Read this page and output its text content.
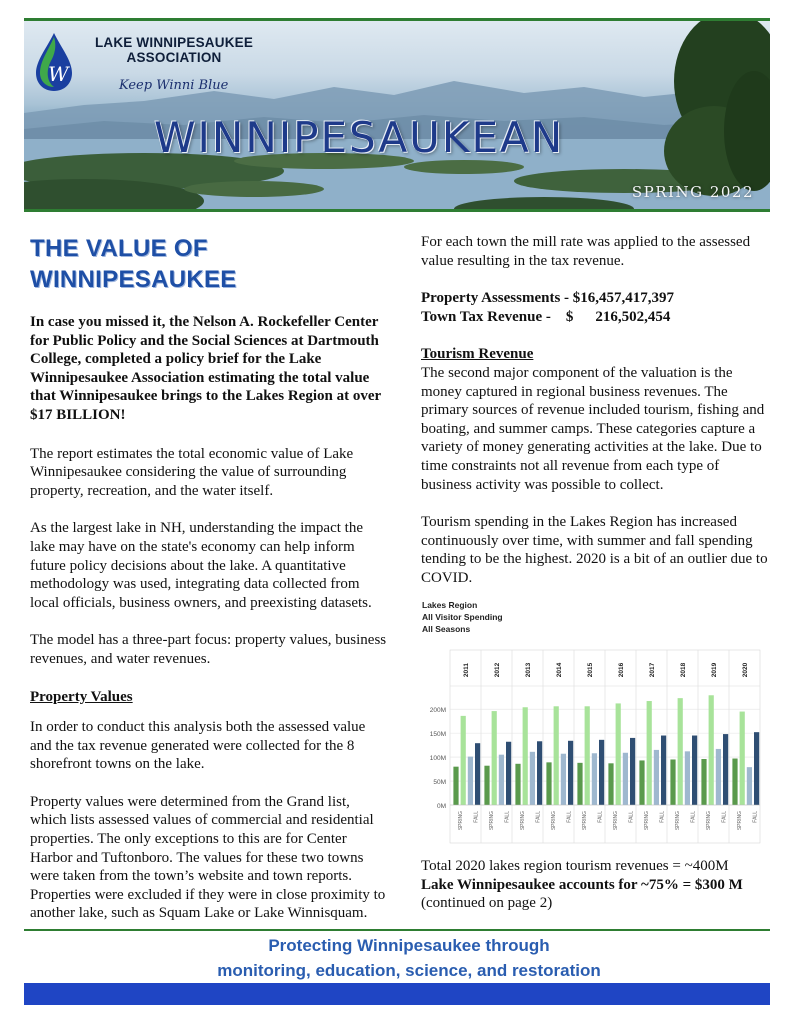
W
LAKE WINNIPESAUKEE
ASSOCIATION
Keep Winni Blue
WINNIPESAUKEAN
SPRING 2022
THE VALUE OF
WINNIPESAUKEE

In case you missed it, the Nelson A. Rockefeller Center for Public Policy and the Social Sciences at Dartmouth College, completed a policy brief for the Lake Winnipesaukee Association estimating the total value that Winnipesaukee brings to the Lakes Region at over $17 BILLION!

The report estimates the total economic value of Lake Winnipesaukee considering the value of surrounding property, recreation, and the water itself.

As the largest lake in NH, understanding the impact the lake may have on the state's economy can help inform future policy decisions about the lake. A quantitative methodology was used, integrating data collected from local officials, business owners, and preexisting datasets.

The model has a three-part focus: property values, business revenues, and water revenues.

Property Values

In order to conduct this analysis both the assessed value and the tax revenue generated were collected for the 8 shorefront towns on the lake.

Property values were determined from the Grand list, which lists assessed values of commercial and residential properties. The only exceptions to this are for Center Harbor and Tuftonboro. The values for these two towns were taken from the town’s website and town reports. Properties were excluded if they were in close proximity to another lake, such as Squam Lake or Lake Winnisquam.

For each town the mill rate was applied to the assessed value resulting in the tax revenue.

Property Assessments - $16,457,417,397
Town Tax Revenue -    $ 216,502,454
Tourism Revenue

The second major component of the valuation is the money captured in regional business revenues. The primary sources of revenue included tourism, fishing and boating, and summer camps. These categories capture a variety of money generating activities at the lake. Due to time constraints not all revenue from each type of business activity was possible to collect.

Tourism spending in the Lakes Region has increased continuously over time, with summer and fall spending tending to be the highest. 2020 is a bit of an outlier due to COVID.

Lakes Region
All Visitor Spending
All Seasons
0M
50M
100M
150M
200M
2011	2012	2013	2014	2015	2016	2017	2018	2019	2020
SPRING FALL SPRING FALL SPRING FALL SPRING FALL SPRING FALL SPRING FALL SPRING FALL SPRING FALL SPRING FALL SPRING FALL

Total 2020 lakes region tourism revenues = ~400M

Lake Winnipesaukee accounts for ~75% = $300 M

(continued on page 2)

Protecting Winnipesaukee through
monitoring, education, science, and restoration
